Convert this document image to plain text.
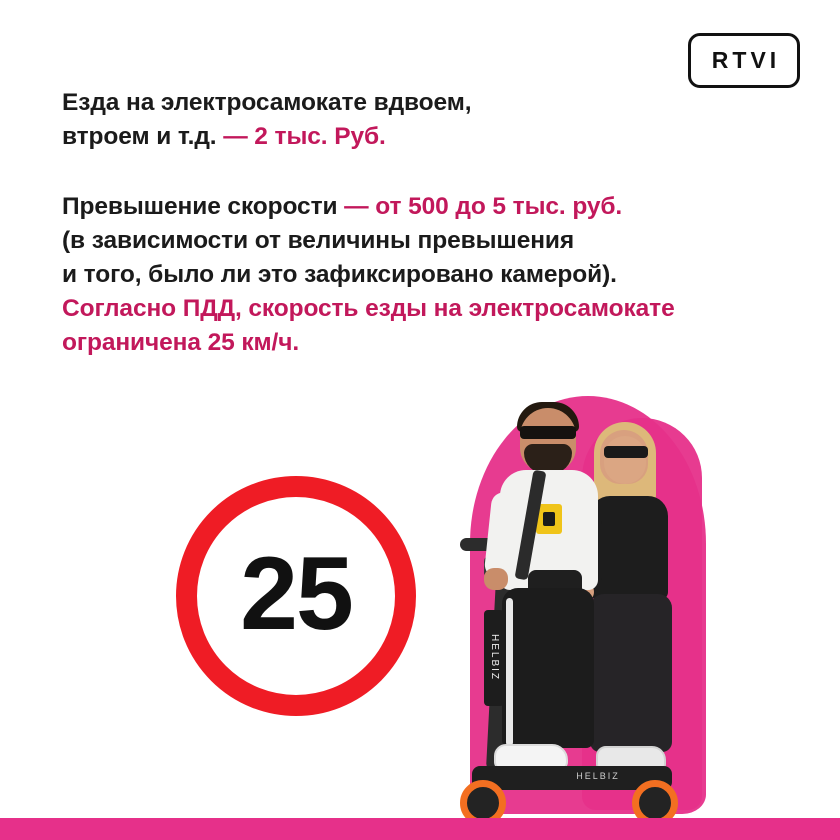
RTVI

Езда на электросамокате вдвоем,
втроем и т.д. — 2 тыс. Руб.

Превышение скорости — от 500 до 5 тыс. руб.
(в зависимости от величины превышения
и того, было ли это зафиксировано камерой).
Согласно ПДД, скорость езды на электросамокате
ограничена 25 км/ч.

25
HELBIZ
HELBIZ
